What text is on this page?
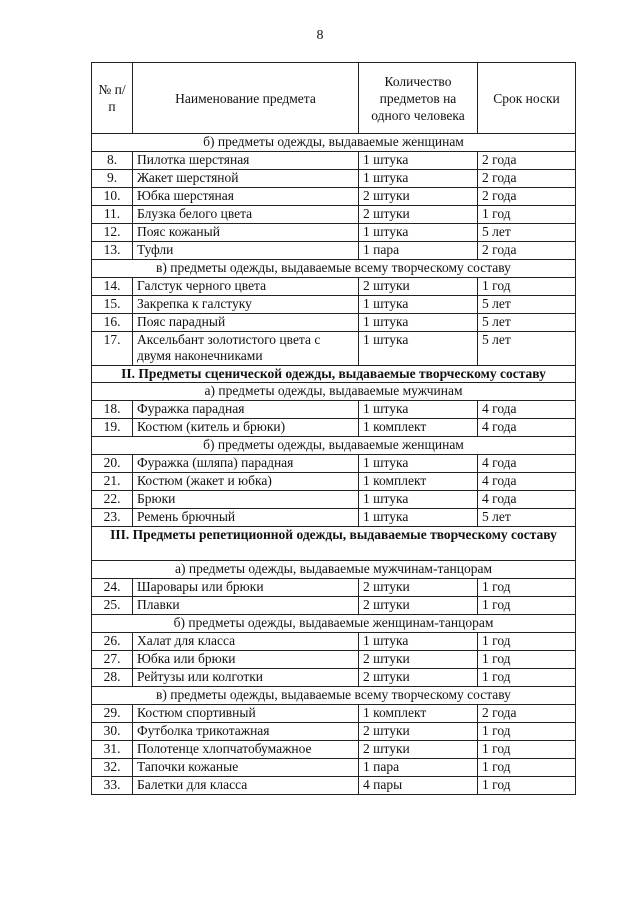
8
№ п/п	Наименование предмета	Количество предметов на одного человека	Срок носки
б) предметы одежды, выдаваемые женщинам			
8.	Пилотка шерстяная	1 штука	2 года
9.	Жакет шерстяной	1 штука	2 года
10.	Юбка шерстяная	2 штуки	2 года
11.	Блузка белого цвета	2 штуки	1 год
12.	Пояс кожаный	1 штука	5 лет
13.	Туфли	1 пара	2 года
в) предметы одежды, выдаваемые всему творческому составу			
14.	Галстук черного цвета	2 штуки	1 год
15.	Закрепка к галстуку	1 штука	5 лет
16.	Пояс парадный	1 штука	5 лет
17.	Аксельбант золотистого цвета с двумя наконечниками	1 штука	5 лет
II. Предметы сценической одежды, выдаваемые творческому составу			
а) предметы одежды, выдаваемые мужчинам			
18.	Фуражка парадная	1 штука	4 года
19.	Костюм (китель и брюки)	1 комплект	4 года
б) предметы одежды, выдаваемые женщинам			
20.	Фуражка (шляпа) парадная	1 штука	4 года
21.	Костюм (жакет и юбка)	1 комплект	4 года
22.	Брюки	1 штука	4 года
23.	Ремень брючный	1 штука	5 лет
III. Предметы репетиционной одежды, выдаваемые творческому составу			
а) предметы одежды, выдаваемые мужчинам-танцорам			
24.	Шаровары или брюки	2 штуки	1 год
25.	Плавки	2 штуки	1 год
б) предметы одежды, выдаваемые женщинам-танцорам			
26.	Халат для класса	1 штука	1 год
27.	Юбка или брюки	2 штуки	1 год
28.	Рейтузы или колготки	2 штуки	1 год
в) предметы одежды, выдаваемые всему творческому составу			
29.	Костюм спортивный	1 комплект	2 года
30.	Футболка трикотажная	2 штуки	1 год
31.	Полотенце хлопчатобумажное	2 штуки	1 год
32.	Тапочки кожаные	1 пара	1 год
33.	Балетки для класса	4 пары	1 год
